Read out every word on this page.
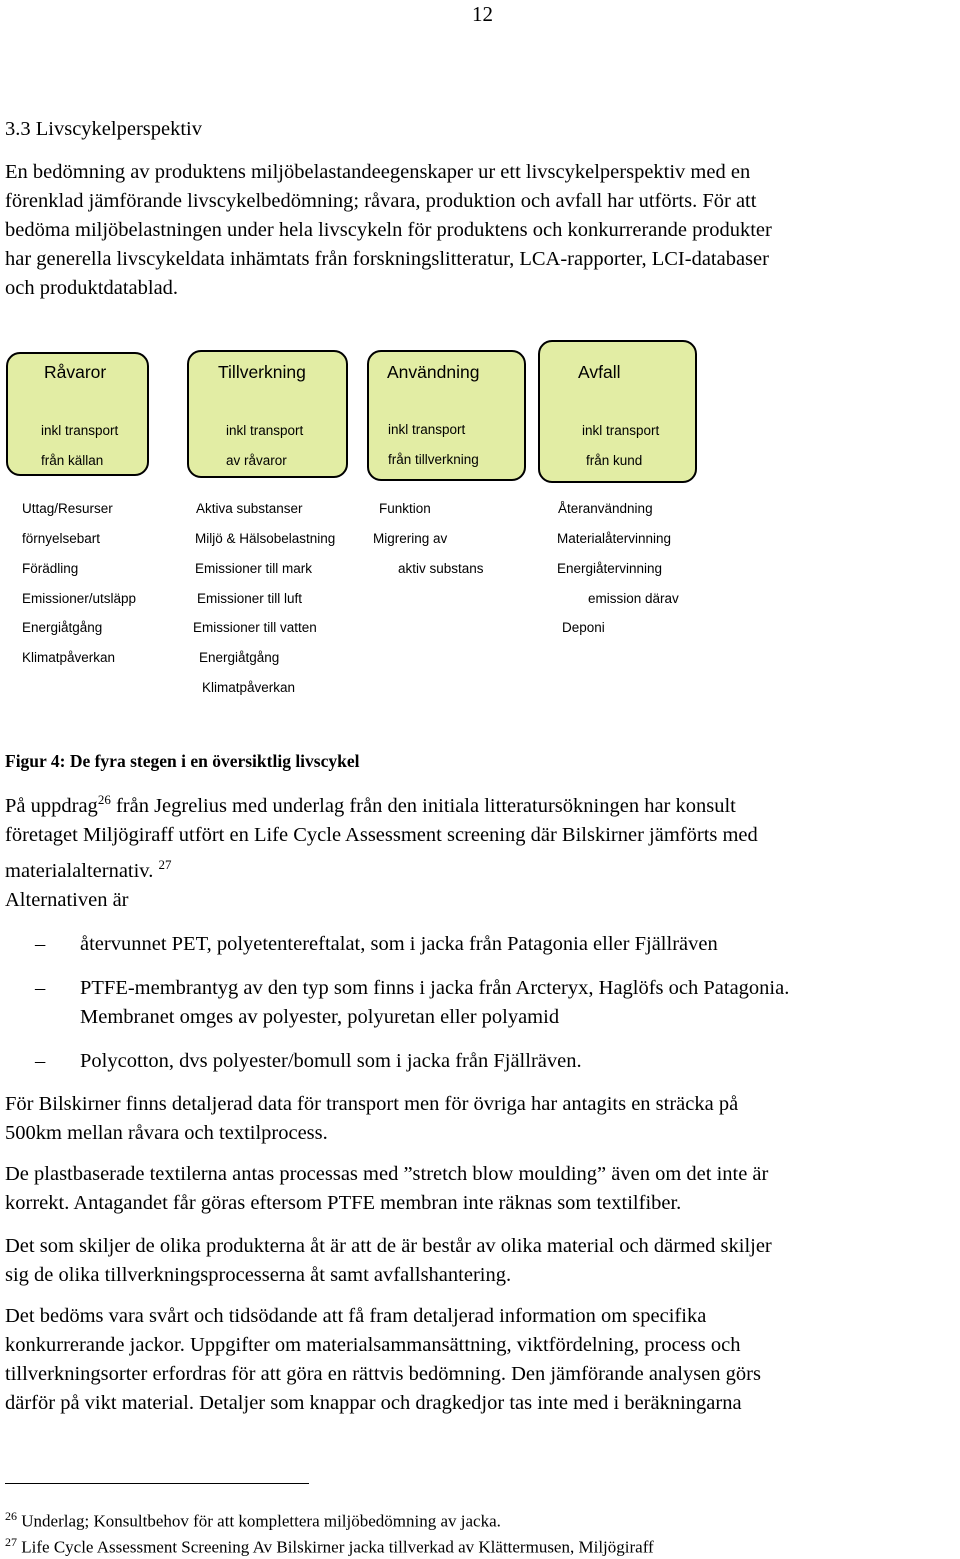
12
3.3 Livscykelperspektiv
En bedömning av produktens miljöbelastandeegenskaper ur ett livscykelperspektiv med en
förenklad jämförande livscykelbedömning; råvara, produktion och avfall har utförts. För att
bedöma miljöbelastningen under hela livscykeln för produktens och konkurrerande produkter
har generella livscykeldata inhämtats från forskningslitteratur, LCA-rapporter, LCI-databaser
och produktdatablad.
Råvaror
inkl transport
från källan
Tillverkning
inkl transport
av råvaror
Användning
inkl transport
från tillverkning
Avfall
inkl transport
från kund
Uttag/Resurser
förnyelsebart
Förädling
Emissioner/utsläpp
Energiåtgång
Klimatpåverkan
Aktiva substanser
Miljö & Hälsobelastning
Emissioner till mark
Emissioner till luft
Emissioner till vatten
Energiåtgång
Klimatpåverkan
Funktion
Migrering av
aktiv substans
Återanvändning
Materialåtervinning
Energiåtervinning
emission därav
Deponi
Figur 4: De fyra stegen i en översiktlig livscykel
På uppdrag$^{26}$ från Jegrelius med underlag från den initiala litteratursökningen har konsult
företaget Miljögiraff utfört en Life Cycle Assessment screening där Bilskirner jämförts med
materialalternativ. $^{27}$
Alternativen är
– återvunnet PET, polyetentereftalat, som i jacka från Patagonia eller Fjällräven
– PTFE-membrantyg av den typ som finns i jacka från Arcteryx, Haglöfs och Patagonia.
Membranet omges av polyester, polyuretan eller polyamid
– Polycotton, dvs polyester/bomull som i jacka från Fjällräven.
För Bilskirner finns detaljerad data för transport men för övriga har antagits en sträcka på
500km mellan råvara och textilprocess.
De plastbaserade textilerna antas processas med ”stretch blow moulding” även om det inte är
korrekt. Antagandet får göras eftersom PTFE membran inte räknas som textilfiber.
Det som skiljer de olika produkterna åt är att de är består av olika material och därmed skiljer
sig de olika tillverkningsprocesserna åt samt avfallshantering.
Det bedöms vara svårt och tidsödande att få fram detaljerad information om specifika
konkurrerande jackor. Uppgifter om materialsammansättning, viktfördelning, process och
tillverkningsorter erfordras för att göra en rättvis bedömning. Den jämförande analysen görs
därför på vikt material. Detaljer som knappar och dragkedjor tas inte med i beräkningarna
$^{26}$ Underlag; Konsultbehov för att komplettera miljöbedömning av jacka.
$^{27}$ Life Cycle Assessment Screening Av Bilskirner jacka tillverkad av Klättermusen, Miljögiraff
